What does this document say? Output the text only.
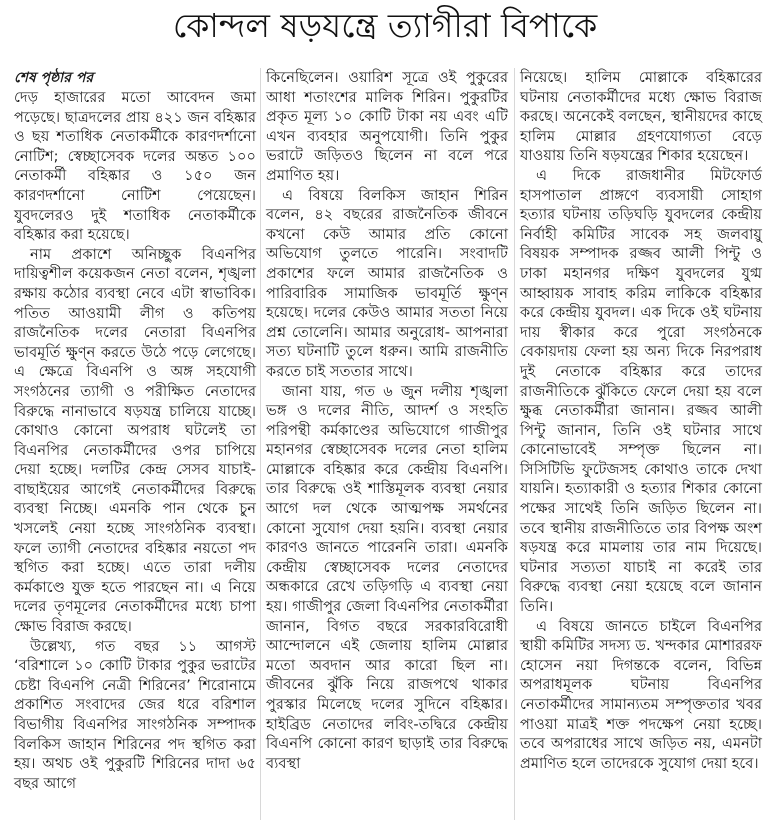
কোন্দল ষড়যন্ত্রে ত্যাগীরা বিপাকে
শেষ পৃষ্ঠার পর

দেড় হাজারের মতো আবেদন জমা পড়েছে। ছাত্রদলের প্রায় ৪২১ জন বহিষ্কার ও ছয় শতাধিক নেতাকর্মীকে কারণদর্শানো নোটিশ; স্বেচ্ছাসেবক দলের অন্তত ১০০ নেতাকর্মী বহিষ্কার ও ১৫০ জন কারণদর্শানো নোটিশ পেয়েছেন। যুবদলেরও দুই শতাধিক নেতাকর্মীকে বহিষ্কার করা হয়েছে।

নাম প্রকাশে অনিচ্ছুক বিএনপির দায়িত্বশীল কয়েকজন নেতা বলেন, শৃঙ্খলা রক্ষায় কঠোর ব্যবস্থা নেবে এটা স্বাভাবিক। পতিত আওয়ামী লীগ ও কতিপয় রাজনৈতিক দলের নেতারা বিএনপির ভাবমূর্তি ক্ষুণ্ন করতে উঠে পড়ে লেগেছে। এ ক্ষেত্রে বিএনপি ও অঙ্গ সহযোগী সংগঠনের ত্যাগী ও পরীক্ষিত নেতাদের বিরুদ্ধে নানাভাবে ষড়যন্ত্র চালিয়ে যাচ্ছে। কোথাও কোনো অপরাধ ঘটলেই তা বিএনপির নেতাকর্মীদের ওপর চাপিয়ে দেয়া হচ্ছে। দলটির কেন্দ্র সেসব যাচাই-বাছাইয়ের আগেই নেতাকর্মীদের বিরুদ্ধে ব্যবস্থা নিচ্ছে। এমনকি পান থেকে চুন খসলেই নেয়া হচ্ছে সাংগঠনিক ব্যবস্থা। ফলে ত্যাগী নেতাদের বহিষ্কার নয়তো পদ স্থগিত করা হচ্ছে। এতে তারা দলীয় কর্মকাণ্ডে যুক্ত হতে পারছেন না। এ নিয়ে দলের তৃণমূলের নেতাকর্মীদের মধ্যে চাপা ক্ষোভ বিরাজ করছে।

উল্লেখ্য, গত বছর ১১ আগস্ট ‘বরিশালে ১০ কোটি টাকার পুকুর ভরাটের চেষ্টা বিএনপি নেত্রী শিরিনের’ শিরোনামে প্রকাশিত সংবাদের জের ধরে বরিশাল বিভাগীয় বিএনপির সাংগঠনিক সম্পাদক বিলকিস জাহান শিরিনের পদ স্থগিত করা হয়। অথচ ওই পুকুরটি শিরিনের দাদা ৬৫ বছর আগে

কিনেছিলেন। ওয়ারিশ সূত্রে ওই পুকুরের আধা শতাংশের মালিক শিরিন। পুকুরটির প্রকৃত মূল্য ১০ কোটি টাকা নয় এবং এটি এখন ব্যবহার অনুপযোগী। তিনি পুকুর ভরাটে জড়িতও ছিলেন না বলে পরে প্রমাণিত হয়।

এ বিষয়ে বিলকিস জাহান শিরিন বলেন, ৪২ বছরের রাজনৈতিক জীবনে কখনো কেউ আমার প্রতি কোনো অভিযোগ তুলতে পারেনি। সংবাদটি প্রকাশের ফলে আমার রাজনৈতিক ও পারিবারিক সামাজিক ভাবমূর্তি ক্ষুণ্ন হয়েছে। দলের কেউও আমার সততা নিয়ে প্রশ্ন তোলেনি। আমার অনুরোধ- আপনারা সত্য ঘটনাটি তুলে ধরুন। আমি রাজনীতি করতে চাই সততার সাথে।

জানা যায়, গত ৬ জুন দলীয় শৃঙ্খলা ভঙ্গ ও দলের নীতি, আদর্শ ও সংহতি পরিপন্থী কর্মকাণ্ডের অভিযোগে গাজীপুর মহানগর স্বেচ্ছাসেবক দলের নেতা হালিম মোল্লাকে বহিষ্কার করে কেন্দ্রীয় বিএনপি। তার বিরুদ্ধে ওই শাস্তিমূলক ব্যবস্থা নেয়ার আগে দল থেকে আত্মপক্ষ সমর্থনের কোনো সুযোগ দেয়া হয়নি। ব্যবস্থা নেয়ার কারণও জানতে পারেননি তারা। এমনকি কেন্দ্রীয় স্বেচ্ছাসেবক দলের নেতাদের অন্ধকারে রেখে তড়িগড়ি এ ব্যবস্থা নেয়া হয়। গাজীপুর জেলা বিএনপির নেতাকর্মীরা জানান, বিগত বছরে সরকারবিরোধী আন্দোলনে এই জেলায় হালিম মোল্লার মতো অবদান আর কারো ছিল না। জীবনের ঝুঁকি নিয়ে রাজপথে থাকার পুরস্কার মিলেছে দলের সুদিনে বহিষ্কার। হাইব্রিড নেতাদের লবিং-তদ্বিরে কেন্দ্রীয় বিএনপি কোনো কারণ ছাড়াই তার বিরুদ্ধে ব্যবস্থা

নিয়েছে। হালিম মোল্লাকে বহিষ্কারের ঘটনায় নেতাকর্মীদের মধ্যে ক্ষোভ বিরাজ করছে। অনেকেই বলছেন, স্থানীয়দের কাছে হালিম মোল্লার গ্রহণযোগ্যতা বেড়ে যাওয়ায় তিনি ষড়যন্ত্রের শিকার হয়েছেন।

এ দিকে রাজধানীর মিটফোর্ড হাসপাতাল প্রাঙ্গণে ব্যবসায়ী সোহাগ হত্যার ঘটনায় তড়িঘড়ি যুবদলের কেন্দ্রীয় নির্বাহী কমিটির সাবেক সহ জলবায়ু বিষয়ক সম্পাদক রজ্জব আলী পিন্টু ও ঢাকা মহানগর দক্ষিণ যুবদলের যুগ্ম আহ্বায়ক সাবাহ করিম লাকিকে বহিষ্কার করে কেন্দ্রীয় যুবদল। এক দিকে ওই ঘটনায় দায় স্বীকার করে পুরো সংগঠনকে বেকায়দায় ফেলা হয় অন্য দিকে নিরপরাধ দুই নেতাকে বহিষ্কার করে তাদের রাজনীতিকে ঝুঁকিতে ফেলে দেয়া হয় বলে ক্ষুব্ধ নেতাকর্মীরা জানান। রজ্জব আলী পিন্টু জানান, তিনি ওই ঘটনার সাথে কোনোভাবেই সম্পৃক্ত ছিলেন না। সিসিটিভি ফুটেজসহ কোথাও তাকে দেখা যায়নি। হত্যাকারী ও হত্যার শিকার কোনো পক্ষের সাথেই তিনি জড়িত ছিলেন না। তবে স্থানীয় রাজনীতিতে তার বিপক্ষ অংশ ষড়যন্ত্র করে মামলায় তার নাম দিয়েছে। ঘটনার সত্যতা যাচাই না করেই তার বিরুদ্ধে ব্যবস্থা নেয়া হয়েছে বলে জানান তিনি।

এ বিষয়ে জানতে চাইলে বিএনপির স্থায়ী কমিটির সদস্য ড. খন্দকার মোশাররফ হোসেন নয়া দিগন্তকে বলেন, বিভিন্ন অপরাধমূলক ঘটনায় বিএনপির নেতাকর্মীদের সামান্যতম সম্পৃক্ততার খবর পাওয়া মাত্রই শক্ত পদক্ষেপ নেয়া হচ্ছে। তবে অপরাধের সাথে জড়িত নয়, এমনটা প্রমাণিত হলে তাদেরকে সুযোগ দেয়া হবে।
